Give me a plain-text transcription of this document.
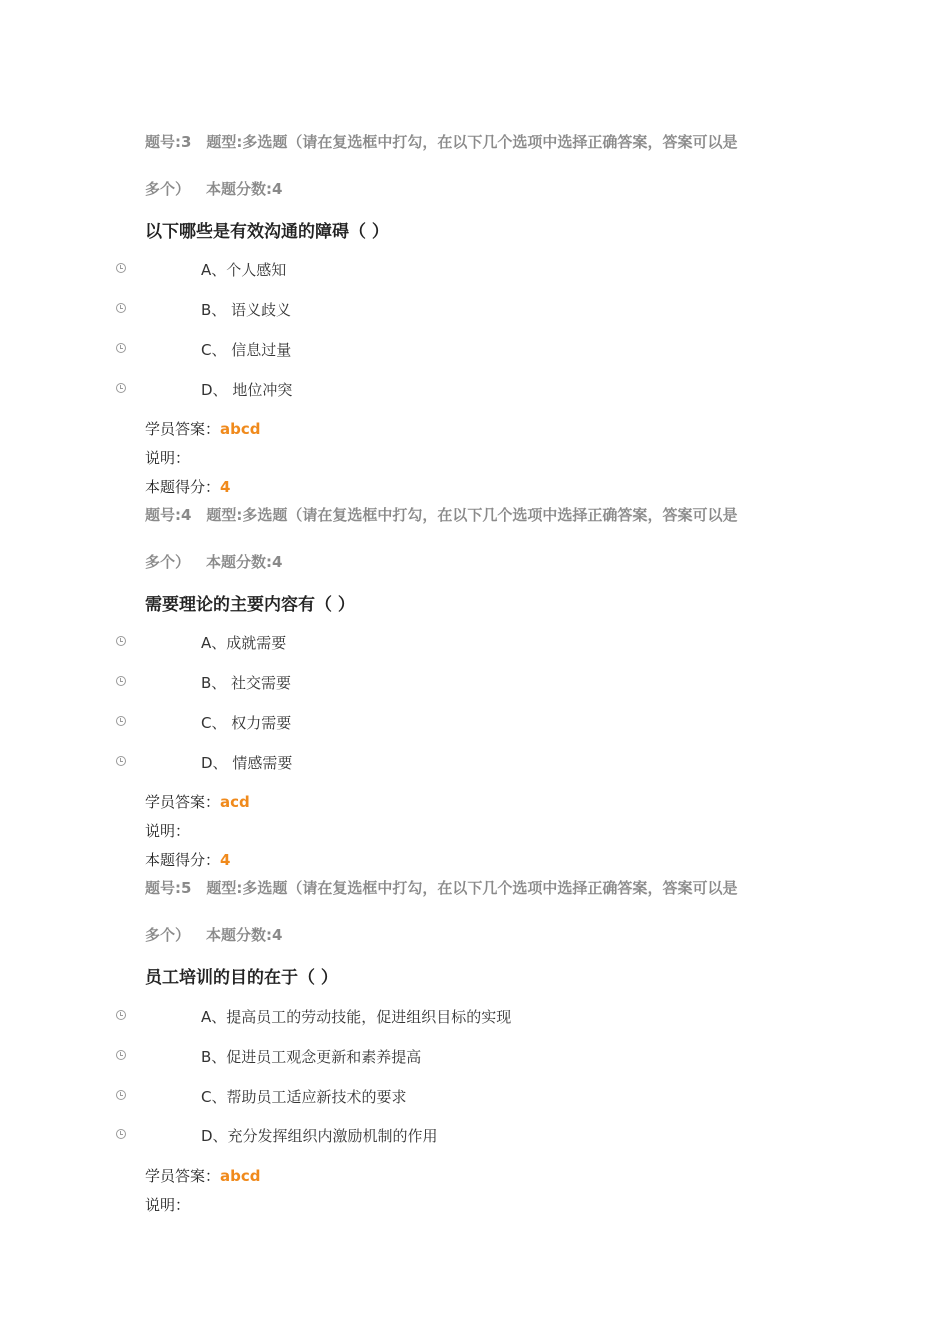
题号:3　题型:多选题（请在复选框中打勾，在以下几个选项中选择正确答案，答案可以是
多个） 本题分数:4
以下哪些是有效沟通的障碍（ ）
A、个人感知
B、 语义歧义
C、 信息过量
D、 地位冲突
学员答案：abcd
说明：
本题得分：4
题号:4　题型:多选题（请在复选框中打勾，在以下几个选项中选择正确答案，答案可以是
多个） 本题分数:4
需要理论的主要内容有（ ）
A、成就需要
B、 社交需要
C、 权力需要
D、 情感需要
学员答案：acd
说明：
本题得分：4
题号:5　题型:多选题（请在复选框中打勾，在以下几个选项中选择正确答案，答案可以是
多个） 本题分数:4
员工培训的目的在于（ ）
A、提高员工的劳动技能，促进组织目标的实现
B、促进员工观念更新和素养提高
C、帮助员工适应新技术的要求
D、充分发挥组织内激励机制的作用
学员答案：abcd
说明：
